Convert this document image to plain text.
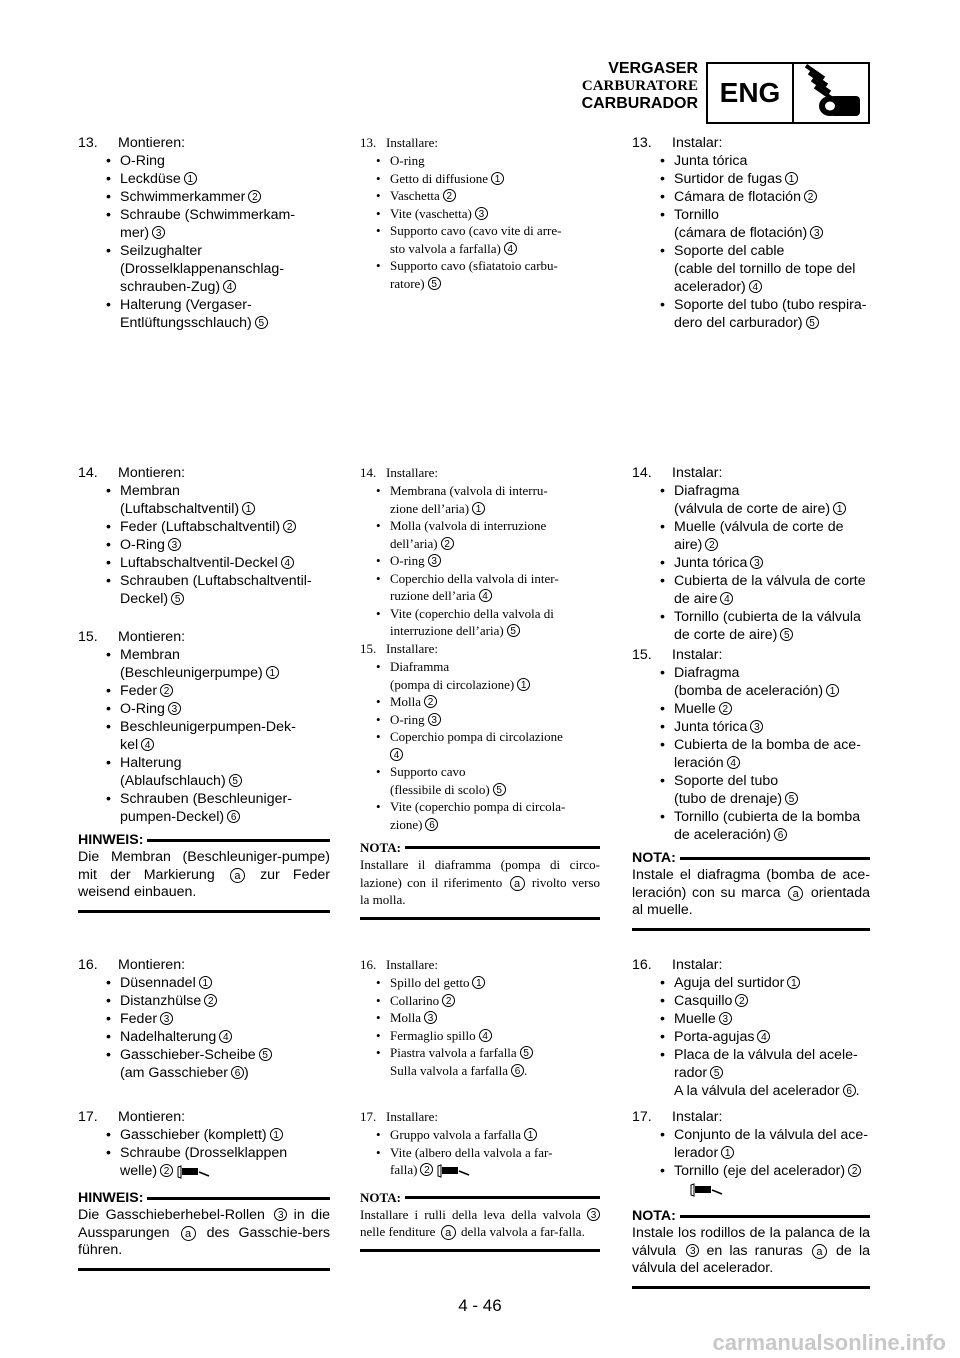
VERGASER
CARBURATORE
CARBURADOR ENG
13.	Montieren:
• O-Ring
• Leckdüse 1
• Schwimmerkammer 2
• Schraube (Schwimmerkam-
mer) 3
• Seilzughalter
(Drosselklappenanschlag-
schrauben-Zug) 4
• Halterung (Vergaser-
Entlüftungsschlauch) 5
14.	Montieren:
• Membran
(Luftabschaltventil) 1
• Feder (Luftabschaltventil) 2
• O-Ring 3
• Luftabschaltventil-Deckel 4
• Schrauben (Luftabschaltventil-
Deckel) 5
15.	Montieren:
• Membran
(Beschleunigerpumpe) 1
• Feder 2
• O-Ring 3
• Beschleunigerpumpen-Dek-
kel 4
• Halterung
(Ablaufschlauch) 5
• Schrauben (Beschleuniger-
pumpen-Deckel) 6
HINWEIS:
Die Membran (Beschleuniger-pumpe) mit der Markierung a zur Feder weisend einbauen.
16.	Montieren:
• Düsennadel 1
• Distanzhülse 2
• Feder 3
• Nadelhalterung 4
• Gasschieber-Scheibe 5
(am Gasschieber 6 )
17.	Montieren:
• Gasschieber (komplett) 1
• Schraube (Drosselklappen
welle) 2
HINWEIS:
Die Gasschieberhebel-Rollen 3 in die Aussparungen a des Gasschie-bers führen.
13. Installare:
• O-ring
• Getto di diffusione 1
• Vaschetta 2
• Vite (vaschetta) 3
• Supporto cavo (cavo vite di arre-
sto valvola a farfalla) 4
• Supporto cavo (sfiatatoio carbu-
ratore) 5
14. Installare:
• Membrana (valvola di interru-
zione dell’aria) 1
• Molla (valvola di interruzione
dell’aria) 2
• O-ring 3
• Coperchio della valvola di inter-
ruzione dell’aria 4
• Vite (coperchio della valvola di
interruzione dell’aria) 5
15. Installare:
• Diaframma
(pompa di circolazione) 1
• Molla 2
• O-ring 3
• Coperchio pompa di circolazione
4
• Supporto cavo
(flessibile di scolo) 5
• Vite (coperchio pompa di circola-
zione) 6
NOTA:
Installare il diaframma (pompa di circo-lazione) con il riferimento a rivolto verso la molla.
16. Installare:
• Spillo del getto 1
• Collarino 2
• Molla 3
• Fermaglio spillo 4
• Piastra valvola a farfalla 5
Sulla valvola a farfalla 6 .
17. Installare:
• Gruppo valvola a farfalla 1
• Vite (albero della valvola a far-
falla) 2
NOTA:
Installare i rulli della leva della valvola 3 nelle fenditure a della valvola a far-falla.
13.	Instalar:
• Junta tórica
• Surtidor de fugas 1
• Cámara de flotación 2
• Tornillo
(cámara de flotación) 3
• Soporte del cable
(cable del tornillo de tope del
acelerador) 4
• Soporte del tubo (tubo respira-
dero del carburador) 5
14.	Instalar:
• Diafragma
(válvula de corte de aire) 1
• Muelle (válvula de corte de
aire) 2
• Junta tórica 3
• Cubierta de la válvula de corte
de aire 4
• Tornillo (cubierta de la válvula
de corte de aire) 5
15.	Instalar:
• Diafragma
(bomba de aceleración) 1
• Muelle 2
• Junta tórica 3
• Cubierta de la bomba de ace-
leración 4
• Soporte del tubo
(tubo de drenaje) 5
• Tornillo (cubierta de la bomba
de aceleración) 6
NOTA:
Instale el diafragma (bomba de ace-leración) con su marca a orientada al muelle.
16.	Instalar:
• Aguja del surtidor 1
• Casquillo 2
• Muelle 3
• Porta-agujas 4
• Placa de la válvula del acele-
rador 5
A la válvula del acelerador 6 .
17.	Instalar:
• Conjunto de la válvula del ace-
lerador 1
• Tornillo (eje del acelerador) 2

NOTA:
Instale los rodillos de la palanca de la válvula 3 en las ranuras a de la válvula del acelerador.
4 - 46
carmanualsonline.info
